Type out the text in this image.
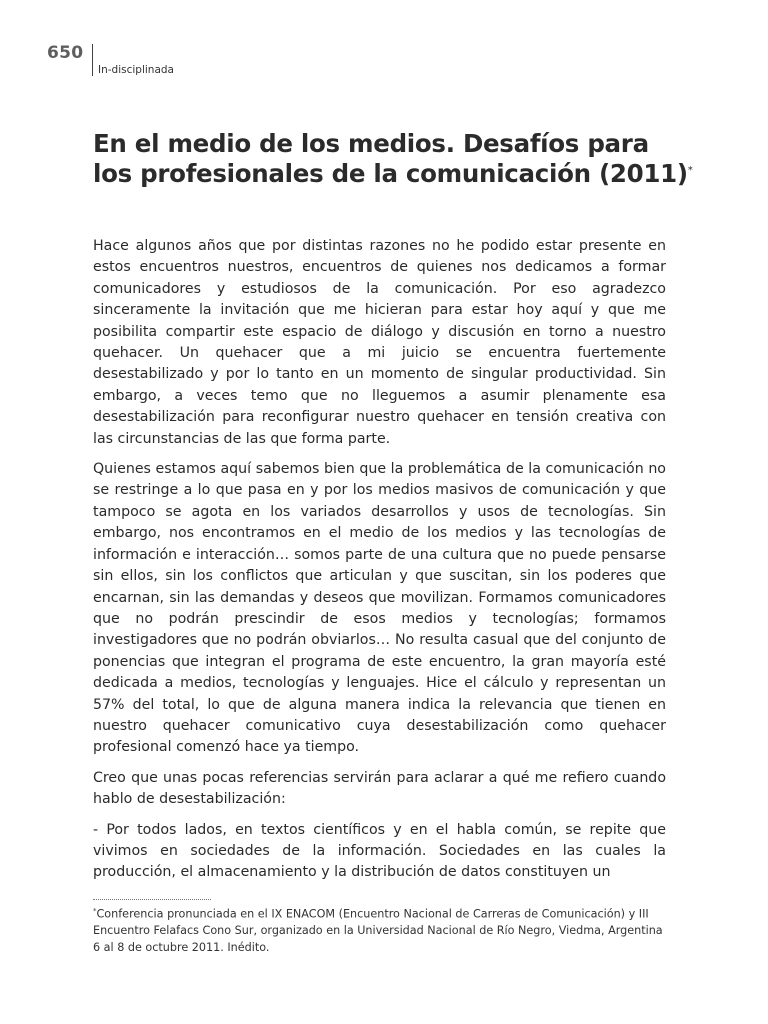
650
In-disciplinada
En el medio de los medios. Desafíos para los profesionales de la comunicación (2011)*

Hace algunos años que por distintas razones no he podido estar presente en estos encuentros nuestros, encuentros de quienes nos dedicamos a formar comunicadores y estudiosos de la comunicación. Por eso agradezco sinceramente la invitación que me hicieran para estar hoy aquí y que me posibilita compartir este espacio de diálogo y discusión en torno a nuestro quehacer. Un quehacer que a mi juicio se encuentra fuertemente desestabilizado y por lo tanto en un momento de singular productividad. Sin embargo, a veces temo que no lleguemos a asumir plenamente esa desestabilización para reconfigurar nuestro quehacer en tensión creativa con las circunstancias de las que forma parte.

Quienes estamos aquí sabemos bien que la problemática de la comunicación no se restringe a lo que pasa en y por los medios masivos de comunicación y que tampoco se agota en los variados desarrollos y usos de tecnologías. Sin embargo, nos encontramos en el medio de los medios y las tecnologías de información e interacción… somos parte de una cultura que no puede pensarse sin ellos, sin los conflictos que articulan y que suscitan, sin los poderes que encarnan, sin las demandas y deseos que movilizan. Formamos comunicadores que no podrán prescindir de esos medios y tecnologías; formamos investigadores que no podrán obviarlos… No resulta casual que del conjunto de ponencias que integran el programa de este encuentro, la gran mayoría esté dedicada a medios, tecnologías y lenguajes. Hice el cálculo y representan un 57% del total, lo que de alguna manera indica la relevancia que tienen en nuestro quehacer comunicativo cuya desestabilización como quehacer profesional comenzó hace ya tiempo.

Creo que unas pocas referencias servirán para aclarar a qué me refiero cuando hablo de desestabilización:

- Por todos lados, en textos científicos y en el habla común, se repite que vivimos en sociedades de la información. Sociedades en las cuales la producción, el almacenamiento y la distribución de datos constituyen un

*Conferencia pronunciada en el IX ENACOM (Encuentro Nacional de Carreras de Comunicación) y III Encuentro Felafacs Cono Sur, organizado en la Universidad Nacional de Río Negro, Viedma, Argentina 6 al 8 de octubre 2011. Inédito.
